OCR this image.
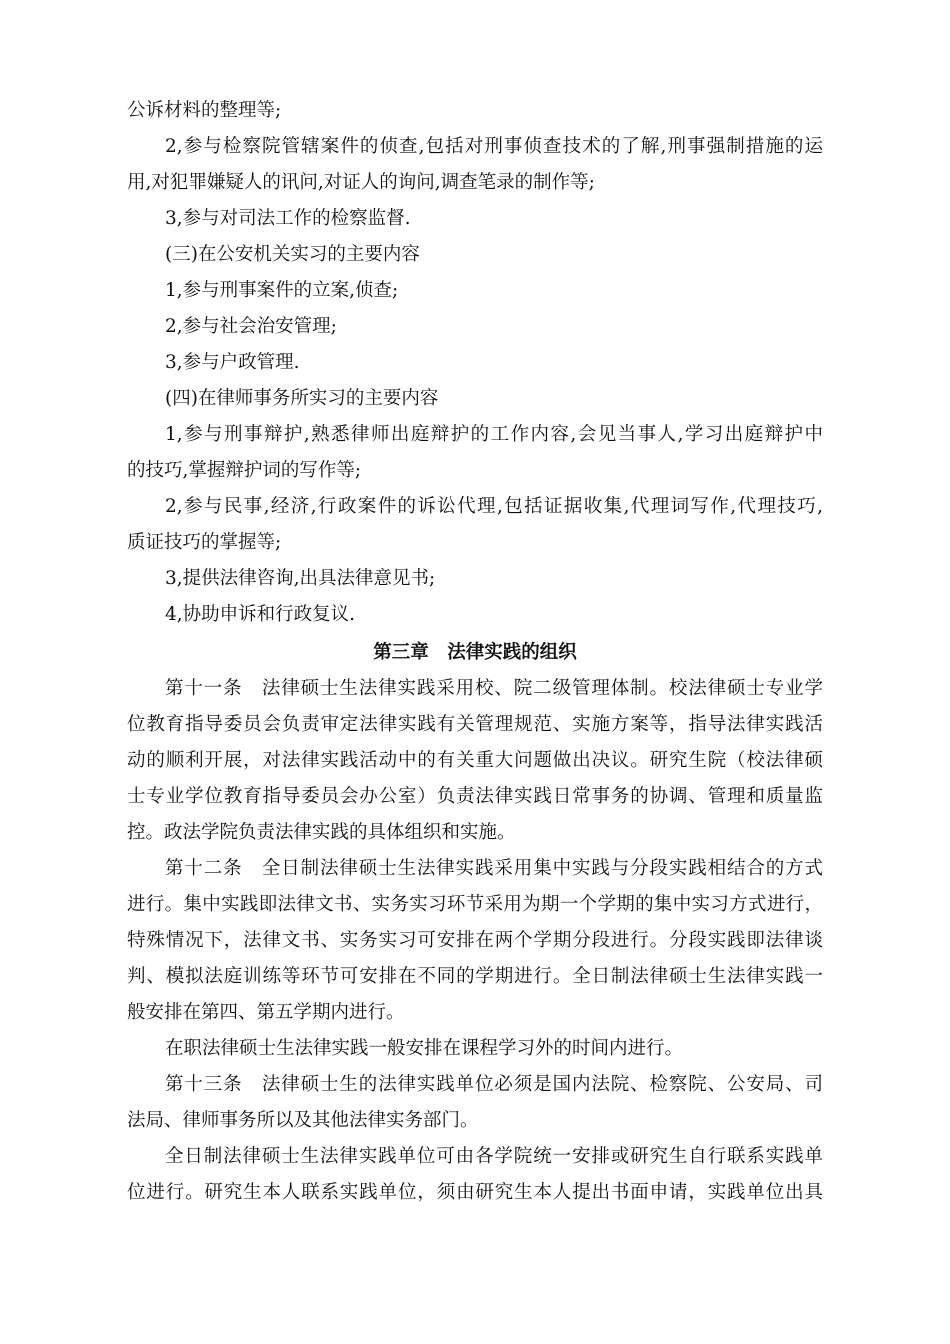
公诉材料的整理等;
2,参与检察院管辖案件的侦查,包括对刑事侦查技术的了解,刑事强制措施的运
用,对犯罪嫌疑人的讯问,对证人的询问,调查笔录的制作等;
3,参与对司法工作的检察监督.
(三)在公安机关实习的主要内容
1,参与刑事案件的立案,侦查;
2,参与社会治安管理;
3,参与户政管理.
(四)在律师事务所实习的主要内容
1,参与刑事辩护,熟悉律师出庭辩护的工作内容,会见当事人,学习出庭辩护中
的技巧,掌握辩护词的写作等;
2,参与民事,经济,行政案件的诉讼代理,包括证据收集,代理词写作,代理技巧,
质证技巧的掌握等;
3,提供法律咨询,出具法律意见书;
4,协助申诉和行政复议.
第三章　法律实践的组织
第十一条　法律硕士生法律实践采用校、院二级管理体制。校法律硕士专业学
位教育指导委员会负责审定法律实践有关管理规范、实施方案等，指导法律实践活
动的顺利开展，对法律实践活动中的有关重大问题做出决议。研究生院（校法律硕
士专业学位教育指导委员会办公室）负责法律实践日常事务的协调、管理和质量监
控。政法学院负责法律实践的具体组织和实施。
第十二条　全日制法律硕士生法律实践采用集中实践与分段实践相结合的方式
进行。集中实践即法律文书、实务实习环节采用为期一个学期的集中实习方式进行，
特殊情况下，法律文书、实务实习可安排在两个学期分段进行。分段实践即法律谈
判、模拟法庭训练等环节可安排在不同的学期进行。全日制法律硕士生法律实践一
般安排在第四、第五学期内进行。
在职法律硕士生法律实践一般安排在课程学习外的时间内进行。
第十三条　法律硕士生的法律实践单位必须是国内法院、检察院、公安局、司
法局、律师事务所以及其他法律实务部门。
全日制法律硕士生法律实践单位可由各学院统一安排或研究生自行联系实践单
位进行。研究生本人联系实践单位，须由研究生本人提出书面申请，实践单位出具
